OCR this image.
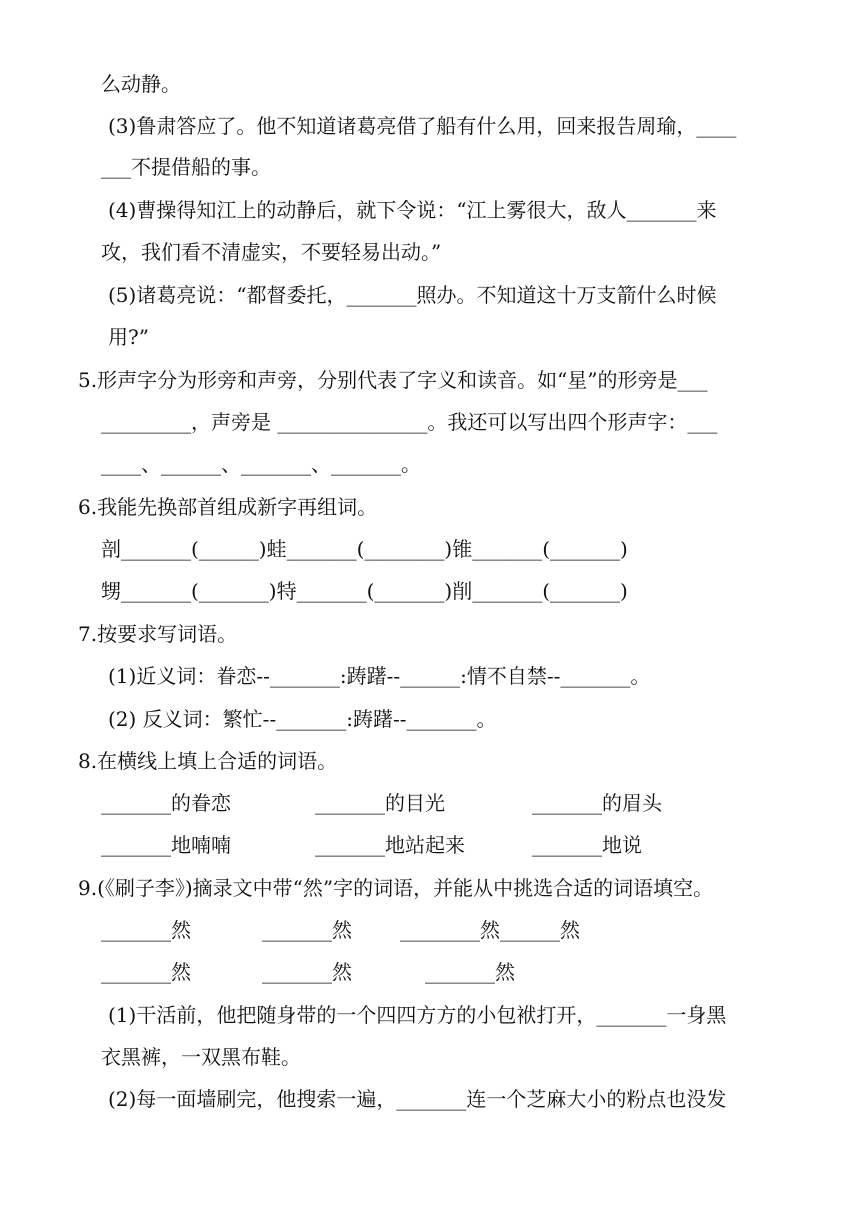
么动静。
(3)鲁肃答应了。他不知道诸葛亮借了船有什么用，回来报告周瑜，____
___不提借船的事。
(4)曹操得知江上的动静后，就下令说：“江上雾很大，敌人_______来
攻，我们看不清虚实，不要轻易出动。”
(5)诸葛亮说：“都督委托，_______照办。不知道这十万支箭什么时候
用?”
5.形声字分为形旁和声旁，分别代表了字义和读音。如“星”的形旁是___
_________，声旁是 _______________。我还可以写出四个形声字：___
____、______、_______、_______。
6.我能先换部首组成新字再组词。
剖_______(______)蛙_______(________)锥_______(_______)
甥_______(_______)特_______(_______)削_______(_______)
7.按要求写词语。
(1)近义词：眷恋--_______:踌躇--______:情不自禁--_______。
(2) 反义词：繁忙--_______:踌躇--_______。
8.在横线上填上合适的词语。
_______的眷恋	_______的目光	_______的眉头
_______地喃喃	_______地站起来	_______地说
9.(《刷子李》)摘录文中带“然”字的词语，并能从中挑选合适的词语填空。
_______然	_______然 ________然______然
_______然	_______然	_______然
(1)干活前，他把随身带的一个四四方方的小包袱打开，_______一身黑
衣黑裤，一双黑布鞋。
(2)每一面墙刷完，他搜索一遍，_______连一个芝麻大小的粉点也没发
